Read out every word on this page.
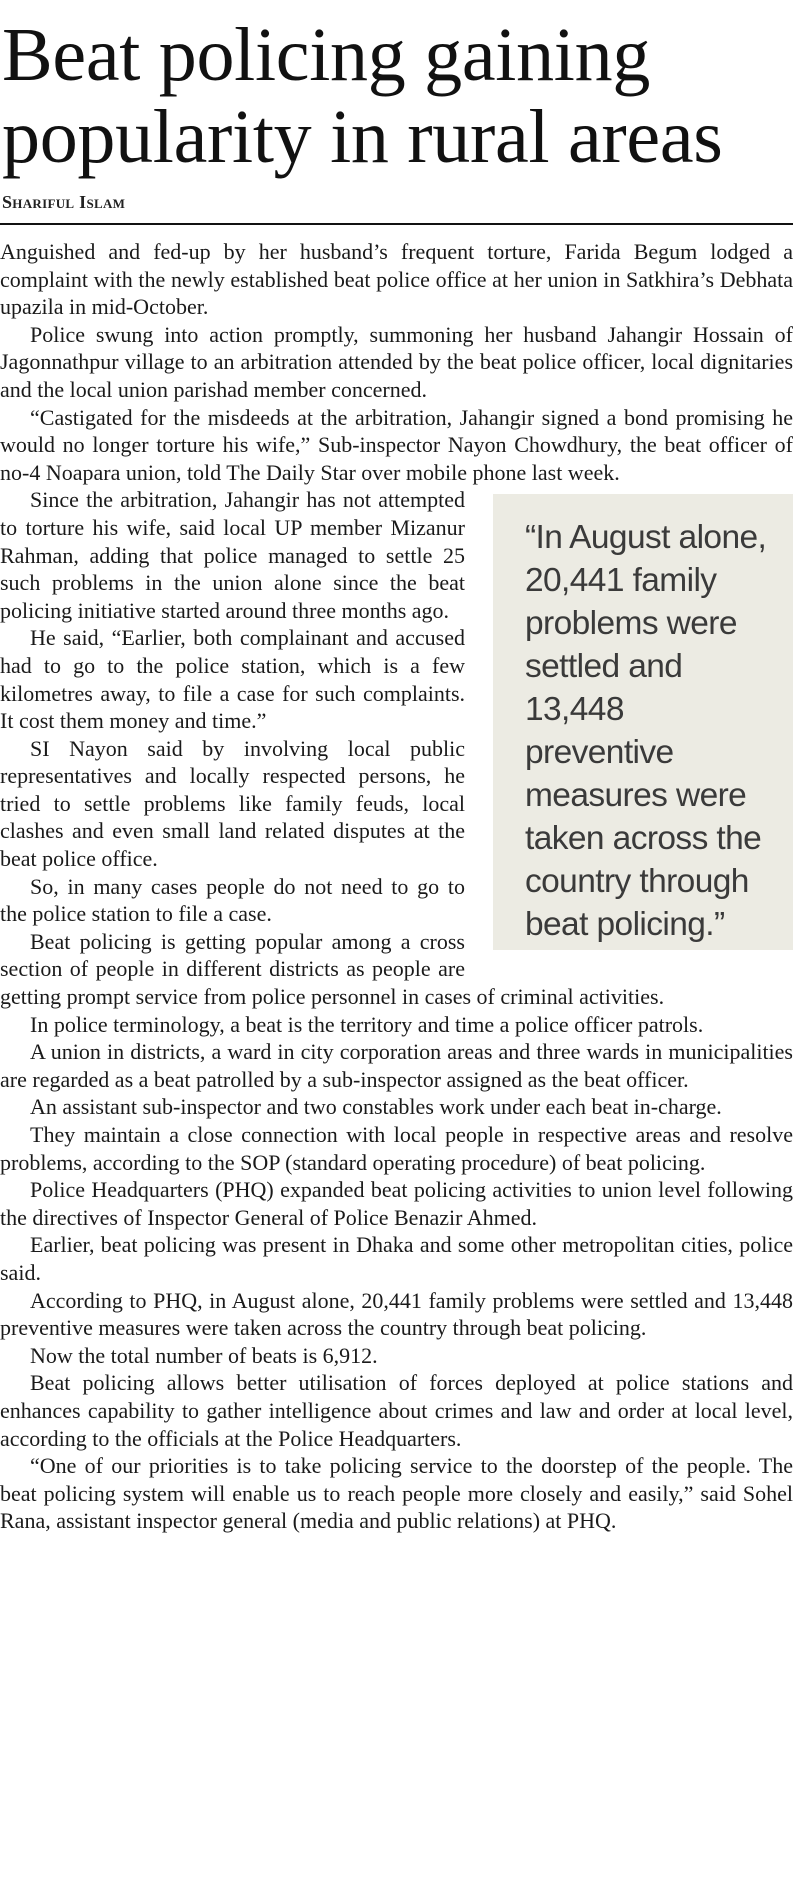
Beat policing gaining
popularity in rural areas
Shariful Islam

Anguished and fed-up by her husband’s frequent torture, Farida Begum lodged a complaint with the newly established beat police office at her union in Satkhira’s Debhata upazila in mid-October.

Police swung into action promptly, summoning her husband Jahangir Hossain of Jagonnathpur village to an arbitration attended by the beat police officer, local dignitaries and the local union parishad member concerned.

“Castigated for the misdeeds at the arbitration, Jahangir signed a bond promising he would no longer torture his wife,” Sub-inspector Nayon Chowdhury, the beat officer of no-4 Noapara union, told The Daily Star over mobile phone last week.

“In August alone, 20,441 family problems were settled and 13,448 preventive measures were taken across the country through beat policing.”

Since the arbitration, Jahangir has not attempted to torture his wife, said local UP member Mizanur Rahman, adding that police managed to settle 25 such problems in the union alone since the beat policing initiative started around three months ago.

He said, “Earlier, both complainant and accused had to go to the police station, which is a few kilometres away, to file a case for such complaints. It cost them money and time.”

SI Nayon said by involving local public representatives and locally respected persons, he tried to settle problems like family feuds, local clashes and even small land related disputes at the beat police office.

So, in many cases people do not need to go to the police station to file a case.

Beat policing is getting popular among a cross section of people in different districts as people are getting prompt service from police personnel in cases of criminal activities.

In police terminology, a beat is the territory and time a police officer patrols.

A union in districts, a ward in city corporation areas and three wards in municipalities are regarded as a beat patrolled by a sub-inspector assigned as the beat officer.

An assistant sub-inspector and two constables work under each beat in-charge.

They maintain a close connection with local people in respective areas and resolve problems, according to the SOP (standard operating procedure) of beat policing.

Police Headquarters (PHQ) expanded beat policing activities to union level following the directives of Inspector General of Police Benazir Ahmed.

Earlier, beat policing was present in Dhaka and some other metropolitan cities, police said.

According to PHQ, in August alone, 20,441 family problems were settled and 13,448 preventive measures were taken across the country through beat policing.

Now the total number of beats is 6,912.

Beat policing allows better utilisation of forces deployed at police stations and enhances capability to gather intelligence about crimes and law and order at local level, according to the officials at the Police Headquarters.

“One of our priorities is to take policing service to the doorstep of the people. The beat policing system will enable us to reach people more closely and easily,” said Sohel Rana, assistant inspector general (media and public relations) at PHQ.
